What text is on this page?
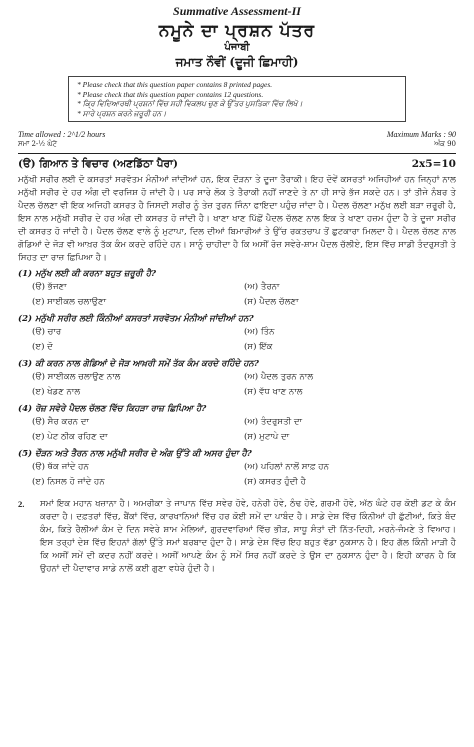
Summative Assessment-II
ਨਮੂਨੇ ਦਾ ਪ੍ਰਸ਼ਨ ਪੱਤਰ
ਪੰਜਾਬੀ
ਜਮਾਤ ਨੌਵੀਂ (ਦੂਜੀ ਛਿਮਾਹੀ)
* Please check that this question paper contains 8 printed pages.
* Please check that this question paper contains 12 questions.
* ਕ੍ਰਿ ਵਿਦਿਆਰਥੀ ਪ੍ਰਸ਼ਨਾਂ ਵਿੱਚ ਸਹੀ ਵਿਕਲਪ ਚੁਣ ਕੇ ਉੱਤਰ ਪੁਸਤਿਕਾ ਵਿੱਚ ਲਿਖੋ।
* ਸਾਰੇ ਪ੍ਰਸ਼ਨ ਕਰਨੇ ਜ਼ਰੂਰੀ ਹਨ।
Time allowed : 2^1/2 hours	Maximum Marks : 90
ਸਮਾਂ 2-½ ਘੰਟੇ	ਅੰਕ 90
(ੳ) ਗਿਆਨ ਤੇ ਵਿਚਾਰ (ਅਣਡਿੱਠਾ ਪੈਰਾ)	2x5=10
ਮਨੁੱਖੀ ਸਰੀਰ ਲਈ ਦੋ ਕਸਰਤਾਂ ਸਰਵੋਤਮ ਮੰਨੀਆਂ ਜਾਂਦੀਆਂ ਹਨ, ਇਕ ਦੌੜਨਾ ਤੇ ਦੂਜਾ ਤੈਰਾਕੀ। ਇਹ ਦੋਵੇਂ ਕਸਰਤਾਂ ਅਜਿਹੀਆਂ ਹਨ ਜਿਨ੍ਹਾਂ ਨਾਲ ਮਨੁੱਖੀ ਸਰੀਰ ਦੇ ਹਰ ਅੰਗ ਦੀ ਵਰਜਿਸ਼ ਹੋ ਜਾਂਦੀ ਹੈ। ਪਰ ਸਾਰੇ ਲੋਕ ਤੇ ਤੈਰਾਕੀ ਨਹੀਂ ਜਾਣਦੇ ਤੇ ਨਾ ਹੀ ਸਾਰੇ ਭੱਜ ਸਕਦੇ ਹਨ। ਤਾਂ ਤੀਜੇ ਨੰਬਰ ਤੇ ਪੈਦਲ ਚੱਲਣਾ ਵੀ ਇਕ ਅਜਿਹੀ ਕਸਰਤ ਹੈ ਜਿਸਦੀ ਸਰੀਰ ਨੂੰ ਤੇਜ਼ ਤੁਰਨ ਜਿੰਨਾ ਫਾਇਦਾ ਪਹੁੰਚ ਜਾਂਦਾ ਹੈ। ਪੈਦਲ ਚੱਲਣਾ ਮਨੁੱਖ ਲਈ ਬੜਾ ਜ਼ਰੂਰੀ ਹੈ, ਇਸ ਨਾਲ ਮਨੁੱਖੀ ਸਰੀਰ ਦੇ ਹਰ ਅੰਗ ਦੀ ਕਸਰਤ ਹੋ ਜਾਂਦੀ ਹੈ। ਖਾਣਾ ਖਾਣ ਪਿੱਛੋਂ ਪੈਦਲ ਚੱਲਣ ਨਾਲ ਇਕ ਤੇ ਖਾਣਾ ਹਜ਼ਮ ਹੁੰਦਾ ਹੈ ਤੇ ਦੂਜਾ ਸਰੀਰ ਦੀ ਕਸਰਤ ਹੋ ਜਾਂਦੀ ਹੈ। ਪੈਦਲ ਚੱਲਣ ਵਾਲੇ ਨੂੰ ਮੁਟਾਪਾ, ਦਿਲ ਦੀਆਂ ਬਿਮਾਰੀਆਂ ਤੇ ਉੱਚ ਰਕਤਚਾਪ ਤੋਂ ਛੁਟਕਾਰਾ ਮਿਲਦਾ ਹੈ। ਪੈਦਲ ਚੱਲਣ ਨਾਲ ਗੋਡਿਆਂ ਦੇ ਜੋੜ ਵੀ ਆਖ਼ਰ ਤੱਕ ਕੰਮ ਕਰਦੇ ਰਹਿੰਦੇ ਹਨ। ਸਾਨੂੰ ਚਾਹੀਦਾ ਹੈ ਕਿ ਅਸੀਂ ਰੋਜ਼ ਸਵੇਰੇ-ਸ਼ਾਮ ਪੈਦਲ ਚੱਲੀਏ, ਇਸ ਵਿੱਚ ਸਾਡੀ ਤੰਦਰੁਸਤੀ ਤੇ ਸਿਹਤ ਦਾ ਰਾਜ਼ ਛਿਪਿਆ ਹੈ।
(1) ਮਨੁੱਖ ਲਈ ਕੀ ਕਰਨਾ ਬਹੁਤ ਜ਼ਰੂਰੀ ਹੈ?
(ੳ) ਭੱਜਣਾ	(ਅ) ਤੈਰਨਾ
(ੲ) ਸਾਈਕਲ ਚਲਾਉਣਾ	(ਸ) ਪੈਦਲ ਚੱਲਣਾ
(2) ਮਨੁੱਖੀ ਸਰੀਰ ਲਈ ਕਿੰਨੀਆਂ ਕਸਰਤਾਂ ਸਰਵੋਤਮ ਮੰਨੀਆਂ ਜਾਂਦੀਆਂ ਹਨ?
(ੳ) ਚਾਰ	(ਅ) ਤਿੰਨ
(ੲ) ਦੋ	(ਸ) ਇੱਕ
(3) ਕੀ ਕਰਨ ਨਾਲ ਗੋਡਿਆਂ ਦੇ ਜੋੜ ਆਖ਼ਰੀ ਸਮੇਂ ਤੱਕ ਕੰਮ ਕਰਦੇ ਰਹਿੰਦੇ ਹਨ?
(ੳ) ਸਾਈਕਲ ਚਲਾਉਣ ਨਾਲ	(ਅ) ਪੈਦਲ ਤੁਰਨ ਨਾਲ
(ੲ) ਖੇਡਣ ਨਾਲ	(ਸ) ਵੱਧ ਖਾਣ ਨਾਲ
(4) ਰੋਜ਼ ਸਵੇਰੇ ਪੈਦਲ ਚੱਲਣ ਵਿੱਚ ਕਿਹੜਾ ਰਾਜ਼ ਛਿਪਿਆ ਹੈ?
(ੳ) ਸੈਰ ਕਰਨ ਦਾ	(ਅ) ਤੰਦਰੁਸਤੀ ਦਾ
(ੲ) ਪੇਟ ਠੀਕ ਰਹਿਣ ਦਾ	(ਸ) ਮੁਟਾਪੇ ਦਾ
(5) ਦੌੜਨ ਅਤੇ ਤੈਰਨ ਨਾਲ ਮਨੁੱਖੀ ਸਰੀਰ ਦੇ ਅੰਗ ਉੱਤੇ ਕੀ ਅਸਰ ਹੁੰਦਾ ਹੈ?
(ੳ) ਥੱਕ ਜਾਂਦੇ ਹਨ	(ਅ) ਪਹਿਲਾਂ ਨਾਲੋਂ ਸਾਫ਼ ਹਨ
(ੲ) ਨਿਸਲ ਹੋ ਜਾਂਦੇ ਹਨ	(ਸ) ਕਸਰਤ ਹੁੰਦੀ ਹੈ
2.	ਸਮਾਂ ਇਕ ਮਹਾਨ ਖਜ਼ਾਨਾ ਹੈ। ਅਮਰੀਕਾ ਤੇ ਜਾਪਾਨ ਵਿੱਚ ਸਵੇਰ ਹੋਵੇ, ਹਨੇਰੀ ਹੋਵੇ, ਠੰਢ ਹੋਵੇ, ਗਰਮੀ ਹੋਵੇ, ਅੱਠ ਘੰਟੇ ਹਰ ਕੋਈ ਡਟ ਕੇ ਕੰਮ ਕਰਦਾ ਹੈ। ਦਫ਼ਤਰਾਂ ਵਿੱਚ, ਬੈਂਕਾਂ ਵਿੱਚ, ਕਾਰਖਾਨਿਆਂ ਵਿੱਚ ਹਰ ਕੋਈ ਸਮੇਂ ਦਾ ਪਾਬੰਦ ਹੈ। ਸਾਡੇ ਦੇਸ਼ ਵਿੱਚ ਕਿੰਨੀਆਂ ਹੀ ਛੁੱਟੀਆਂ, ਕਿਤੇ ਬੰਦ ਕੰਮ, ਕਿਤੇ ਰੈਲੀਆਂ ਕੰਮ ਦੇ ਦਿਨ ਸਵੇਰੇ ਸ਼ਾਮ ਮੇਲਿਆਂ, ਗੁਰਦਵਾਰਿਆਂ ਵਿੱਚ ਭੀੜ, ਸਾਧੂ ਸੰਤਾਂ ਦੀ ਨਿੱਤ-ਦਿਹੀ, ਮਰਨੇ-ਜੰਮਣੇ ਤੇ ਵਿਆਹ। ਇਸ ਤਰ੍ਹਾਂ ਦੇਸ਼ ਵਿੱਚ ਇਹਨਾਂ ਗੱਲਾਂ ਉੱਤੇ ਸਮਾਂ ਬਰਬਾਦ ਹੁੰਦਾ ਹੈ। ਸਾਡੇ ਦੇਸ਼ ਵਿੱਚ ਇਹ ਬਹੁਤ ਵੱਡਾ ਨੁਕਸਾਨ ਹੈ। ਇਹ ਗੱਲ ਕਿੰਨੀ ਮਾੜੀ ਹੈ ਕਿ ਅਸੀਂ ਸਮੇਂ ਦੀ ਕਦਰ ਨਹੀਂ ਕਰਦੇ। ਅਸੀਂ ਆਪਣੇ ਕੰਮ ਨੂੰ ਸਮੇਂ ਸਿਰ ਨਹੀਂ ਕਰਦੇ ਤੇ ਉਸ ਦਾ ਨੁਕਸਾਨ ਹੁੰਦਾ ਹੈ। ਇਹੀ ਕਾਰਨ ਹੈ ਕਿ ਉਹਨਾਂ ਦੀ ਪੈਦਾਵਾਰ ਸਾਡੇ ਨਾਲੋਂ ਕਈ ਗੁਣਾ ਵਧੇਰੇ ਹੁੰਦੀ ਹੈ।
